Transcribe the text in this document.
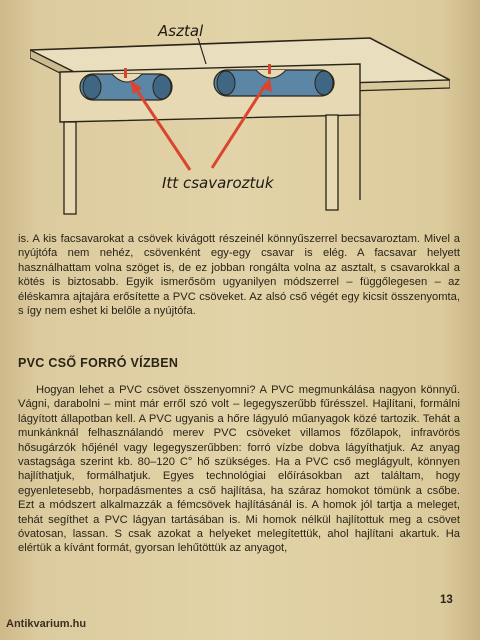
Asztal
Itt csavaroztuk

is. A kis facsavarokat a csövek kivágott részeinél könnyűszerrel becsavaroztam. Mivel a nyújtófa nem nehéz, csövenként egy-egy csavar is elég. A facsavar helyett használhattam volna szöget is, de ez jobban rongálta volna az asztalt, s csavarokkal a kötés is biztosabb. Egyik ismerősöm ugyanilyen módszerrel – függőlegesen – az éléskamra ajtajára erősítette a PVC csöveket. Az alsó cső végét egy kicsit összenyomta, s így nem eshet ki belőle a nyújtófa.

PVC CSŐ FORRÓ VÍZBEN

Hogyan lehet a PVC csövet összenyomni? A PVC megmunkálása nagyon könnyű. Vágni, darabolni – mint már erről szó volt – legegyszerűbb fűrésszel. Hajlítani, formálni lágyított állapotban kell. A PVC ugyanis a hőre lágyuló műanyagok közé tartozik. Tehát a munkánknál felhasználandó merev PVC csöveket villamos főzőlapok, infravörös hősugárzók hőjénél vagy legegyszerűbben: forró vízbe dobva lágyíthatjuk. Az anyag vastagsága szerint kb. 80–120 C° hő szükséges. Ha a PVC cső meglágyult, könnyen hajlíthatjuk, formálhatjuk. Egyes technológiai előírásokban azt találtam, hogy egyenletesebb, horpadásmentes a cső hajlítása, ha száraz homokot tömünk a csőbe. Ezt a módszert alkalmazzák a fémcsövek hajlításánál is. A homok jól tartja a meleget, tehát segíthet a PVC lágyan tartásában is. Mi homok nélkül hajlítottuk meg a csövet óvatosan, lassan. S csak azokat a helyeket melegítettük, ahol hajlítani akartuk. Ha elértük a kívánt formát, gyorsan lehűtöttük az anyagot,

13
Antikvarium.hu
